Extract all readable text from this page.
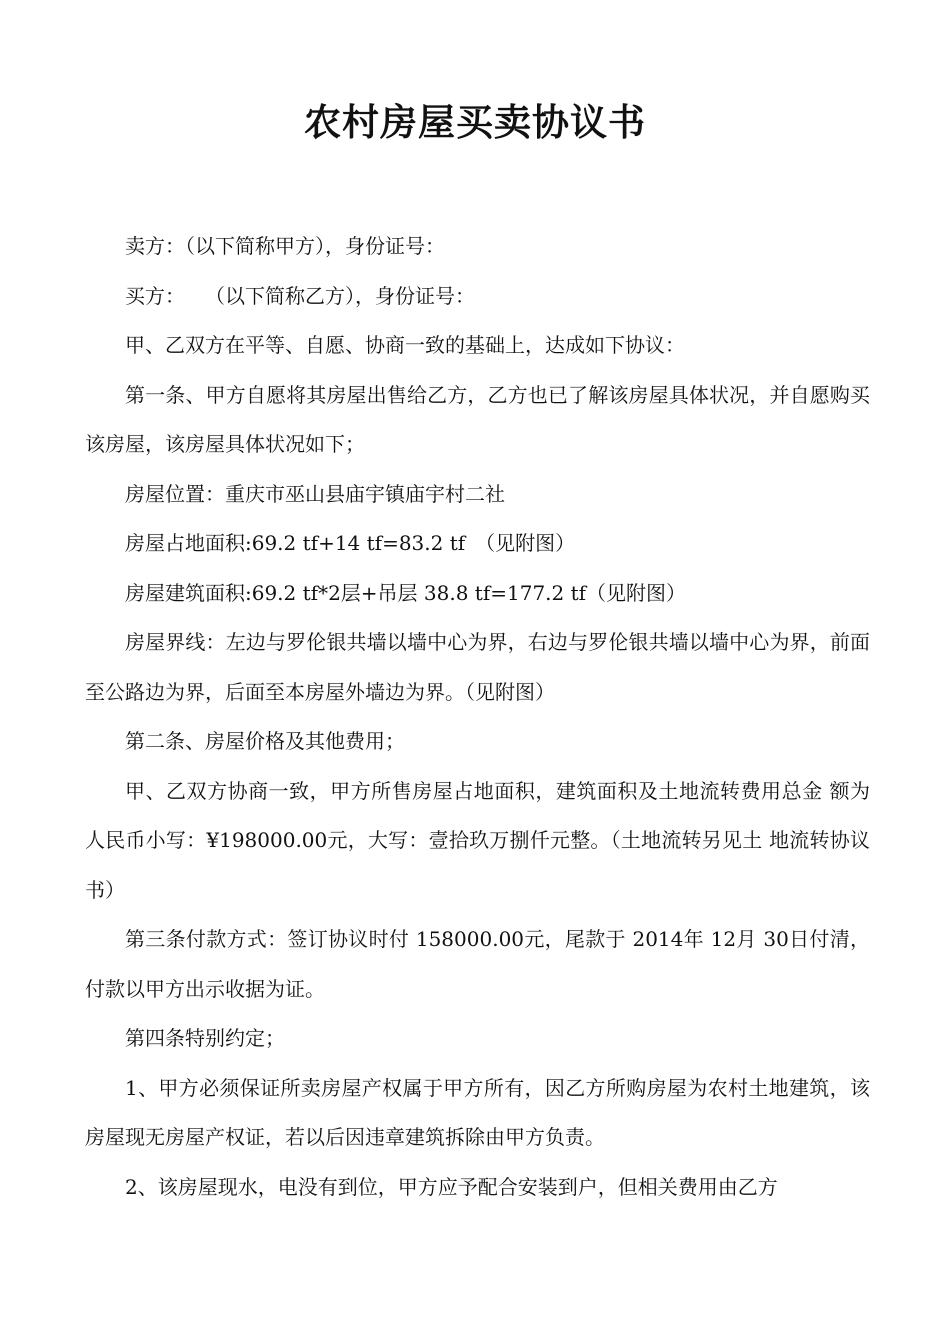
农村房屋买卖协议书

卖方：（以下简称甲方），身份证号：

买方：　　（以下简称乙方），身份证号：

甲、乙双方在平等、自愿、协商一致的基础上，达成如下协议：

第一条、甲方自愿将其房屋出售给乙方，乙方也已了解该房屋具体状况，并自愿购买该房屋，该房屋具体状况如下；

房屋位置：重庆市巫山县庙宇镇庙宇村二社

房屋占地面积:69.2 tf+14 tf=83.2 tf　（见附图）

房屋建筑面积:69.2 tf*2层+吊层 38.8 tf=177.2 tf（见附图）

房屋界线：左边与罗伦银共墙以墙中心为界，右边与罗伦银共墙以墙中心为界，前面至公路边为界，后面至本房屋外墙边为界。（见附图）

第二条、房屋价格及其他费用；

甲、乙双方协商一致，甲方所售房屋占地面积，建筑面积及土地流转费用总金 额为人民币小写：¥198000.00元，大写：壹拾玖万捌仟元整。（土地流转另见土 地流转协议书）

第三条付款方式：签订协议时付 158000.00元，尾款于 2014年 12月 30日付清，付款以甲方出示收据为证。

第四条特别约定；

1、甲方必须保证所卖房屋产权属于甲方所有，因乙方所购房屋为农村土地建筑，该房屋现无房屋产权证，若以后因违章建筑拆除由甲方负责。

2、该房屋现水，电没有到位，甲方应予配合安装到户，但相关费用由乙方
